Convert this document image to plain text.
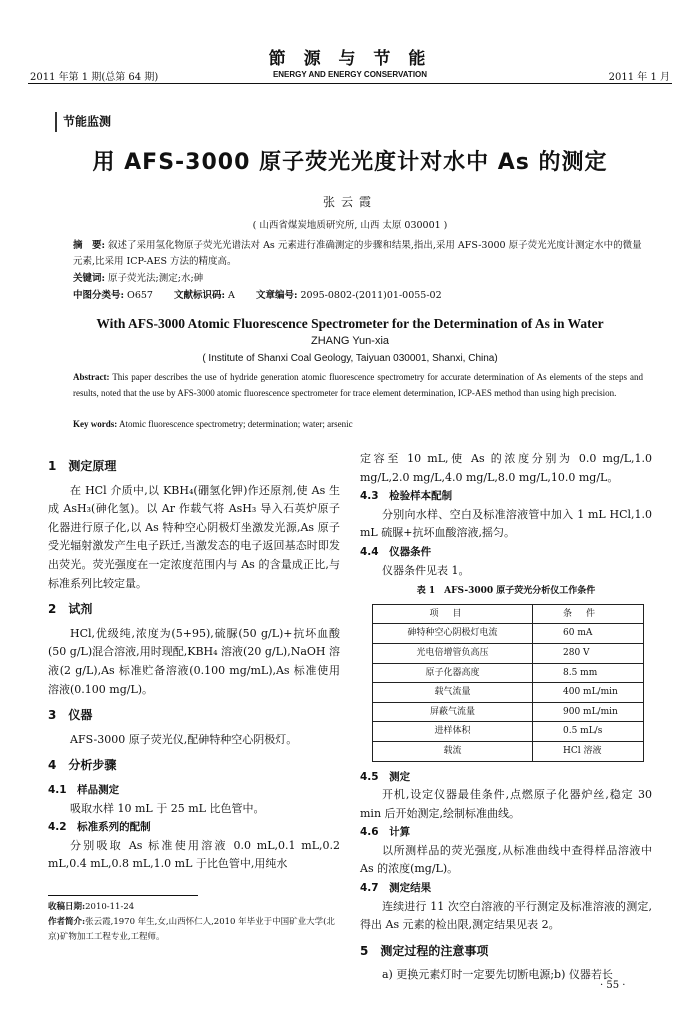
2011 年第 1 期(总第 64 期)
節 源 与 节 能
ENERGY AND ENERGY CONSERVATION	2011 年 1 月
节能监测
用 AFS-3000 原子荧光光度计对水中 As 的测定
张云霞
( 山西省煤炭地质研究所, 山西 太原 030001 )
摘　要: 叙述了采用氢化物原子荧光光谱法对 As 元素进行准确测定的步骤和结果,指出,采用 AFS-3000 原子荧光光度计测定水中的微量元素,比采用 ICP-AES 方法的精度高。
关键词: 原子荧光法;测定;水;砷
中图分类号: O657 文献标识码: A 文章编号: 2095-0802-(2011)01-0055-02
With AFS-3000 Atomic Fluorescence Spectrometer for the Determination of As in Water
ZHANG Yun-xia
( Institute of Shanxi Coal Geology, Taiyuan 030001, Shanxi, China)
Abstract: This paper describes the use of hydride generation atomic fluorescence spectrometry for accurate determination of As elements of the steps and results, noted that the use by AFS-3000 atomic fluorescence spectrometer for trace element determination, ICP-AES method than using high precision.
Key words: Atomic fluorescence spectrometry; determination; water; arsenic
1　测定原理
在 HCl 介质中,以 KBH₄(硼氢化钾)作还原剂,使 As 生成 AsH₃(砷化氢)。以 Ar 作载气将 AsH₃ 导入石英炉原子化器进行原子化,以 As 特种空心阴极灯坐激发光源,As 原子受光辐射激发产生电子跃迁,当激发态的电子返回基态时即发出荧光。荧光强度在一定浓度范围内与 As 的含量成正比,与标准系列比较定量。
2　试剂
HCl,优级纯,浓度为(5+95),硫脲(50 g/L)+抗坏血酸(50 g/L)混合溶液,用时现配,KBH₄ 溶液(20 g/L),NaOH 溶液(2 g/L),As 标准贮备溶液(0.100 mg/mL),As 标准使用溶液(0.100 mg/L)。
3　仪器
AFS-3000 原子荧光仪,配砷特种空心阴极灯。
4　分析步骤
4.1　样品测定
吸取水样 10 mL 于 25 mL 比色管中。
4.2　标准系列的配制
分别吸取 As 标准使用溶液 0.0 mL,0.1 mL,0.2 mL,0.4 mL,0.8 mL,1.0 mL 于比色管中,用纯水
定容至 10 mL,使 As 的浓度分别为 0.0 mg/L,1.0 mg/L,2.0 mg/L,4.0 mg/L,8.0 mg/L,10.0 mg/L。
4.3　检验样本配制
分别向水样、空白及标准溶液管中加入 1 mL HCl,1.0 mL 硫脲+抗坏血酸溶液,摇匀。
4.4　仪器条件
仪器条件见表 1。
表 1　AFS-3000 原子荧光分析仪工作条件
项目	条件
砷特种空心阴极灯电流	60 mA
光电倍增管负高压	280 V
原子化器高度	8.5 mm
载气流量	400 mL/min
屏蔽气流量	900 mL/min
进样体积	0.5 mL/s
载流	HCl 溶液
4.5　测定
开机,设定仪器最佳条件,点燃原子化器炉丝,稳定 30 min 后开始测定,绘制标准曲线。
4.6　计算
以所测样品的荧光强度,从标准曲线中查得样品溶液中 As 的浓度(mg/L)。
4.7　测定结果
连续进行 11 次空白溶液的平行测定及标准溶液的测定,得出 As 元素的检出限,测定结果见表 2。
5　测定过程的注意事项
a) 更换元素灯时一定要先切断电源;b) 仪器若长
收稿日期:2010-11-24
作者简介:张云霞,1970 年生,女,山西怀仁人,2010 年毕业于中国矿业大学(北京)矿物加工工程专业,工程师。
· 55 ·
